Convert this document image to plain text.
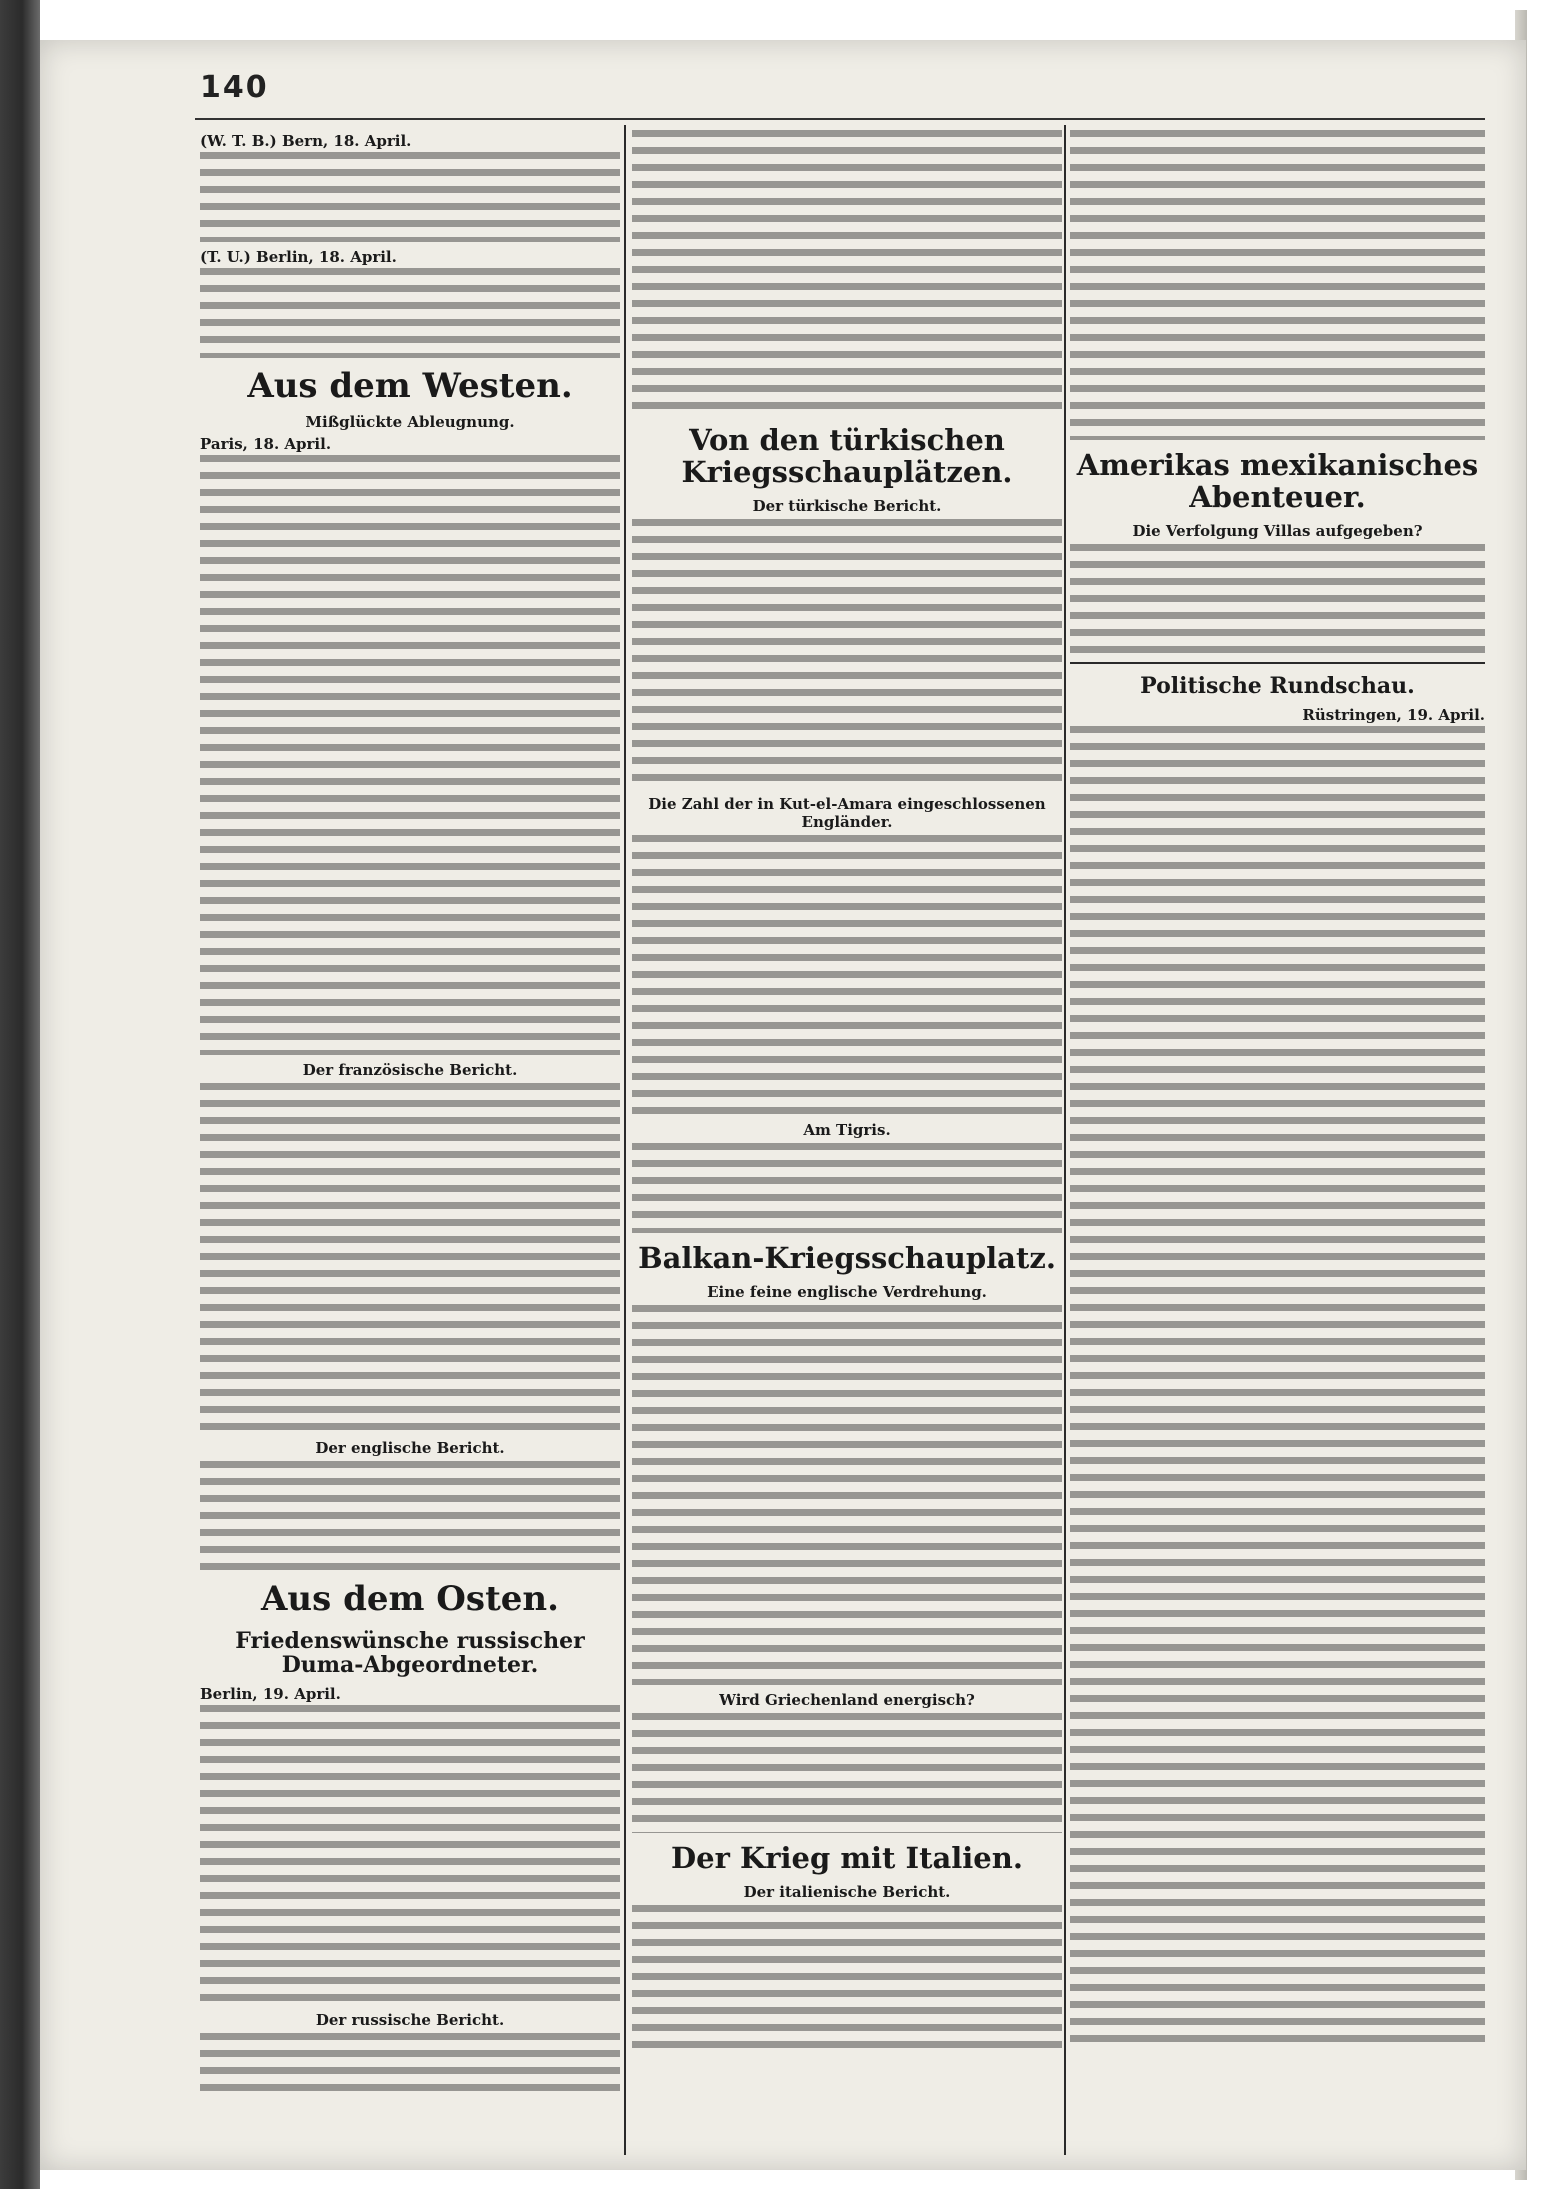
140
(W. T. B.) Bern, 18. April.
(T. U.) Berlin, 18. April.
Aus dem Westen.
Mißglückte Ableugnung.
Paris, 18. April.
Der französische Bericht.
Der englische Bericht.
Aus dem Osten.
Friedenswünsche russischer Duma-Abgeordneter.
Berlin, 19. April.
Der russische Bericht.
Von den türkischen Kriegsschauplätzen.
Der türkische Bericht.
Die Zahl der in Kut-el-Amara eingeschlossenen Engländer.
Am Tigris.
Balkan-Kriegsschauplatz.
Eine feine englische Verdrehung.
Wird Griechenland energisch?
Der Krieg mit Italien.
Der italienische Bericht.
Amerikas mexikanisches Abenteuer.
Die Verfolgung Villas aufgegeben?
Politische Rundschau.
Rüstringen, 19. April.
